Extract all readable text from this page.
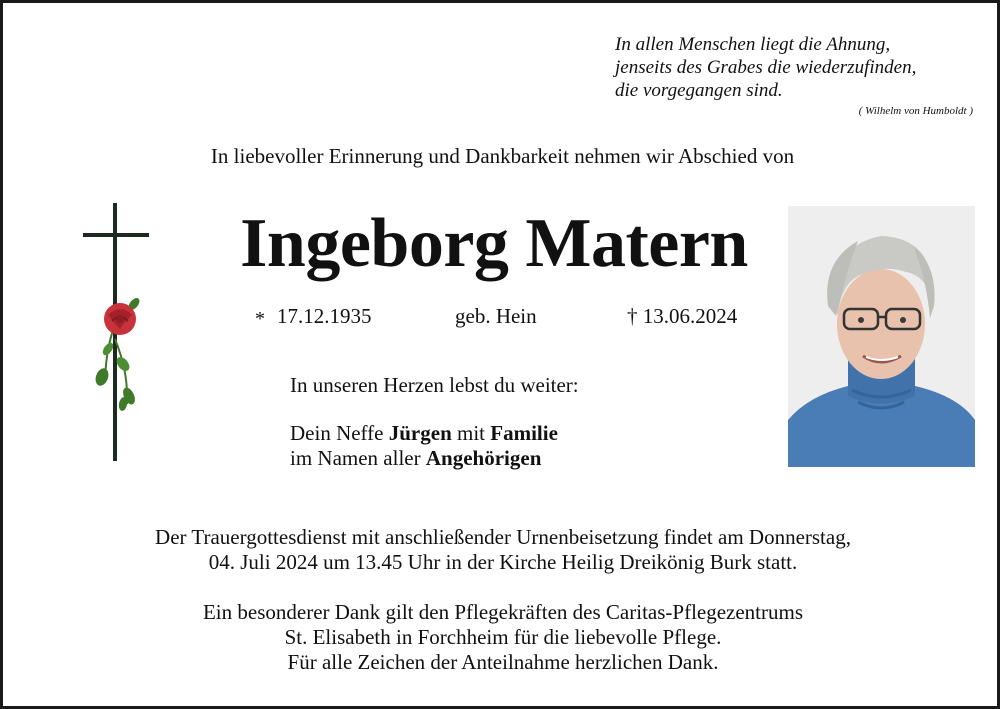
In allen Menschen liegt die Ahnung,
jenseits des Grabes die wiederzufinden,
die vorgegangen sind.
( Wilhelm von Humboldt )
In liebevoller Erinnerung und Dankbarkeit nehmen wir Abschied von
Ingeborg Matern
* 17.12.1935	geb. Hein	† 13.06.2024
In unseren Herzen lebst du weiter:
Dein Neffe Jürgen mit Familie
im Namen aller Angehörigen
Der Trauergottesdienst mit anschließender Urnenbeisetzung findet am Donnerstag,
04. Juli 2024 um 13.45 Uhr in der Kirche Heilig Dreikönig Burk statt.
Ein besonderer Dank gilt den Pflegekräften des Caritas-Pflegezentrums
St. Elisabeth in Forchheim für die liebevolle Pflege.
Für alle Zeichen der Anteilnahme herzlichen Dank.
